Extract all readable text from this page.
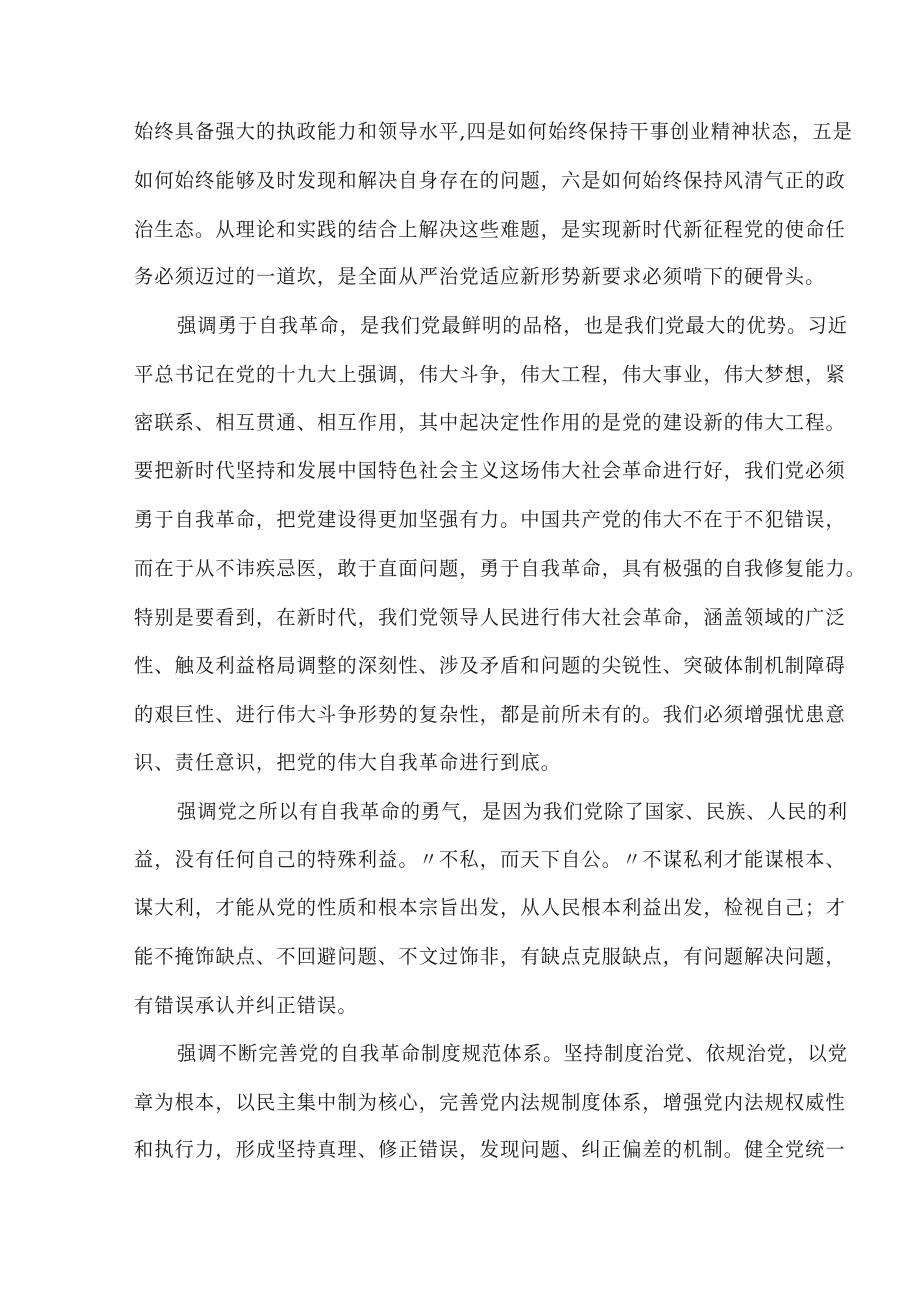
始终具备强大的执政能力和领导水平,四是如何始终保持干事创业精神状态，五是
如何始终能够及时发现和解决自身存在的问题，六是如何始终保持风清气正的政
治生态。从理论和实践的结合上解决这些难题，是实现新时代新征程党的使命任
务必须迈过的一道坎，是全面从严治党适应新形势新要求必须啃下的硬骨头。
强调勇于自我革命，是我们党最鲜明的品格，也是我们党最大的优势。习近
平总书记在党的十九大上强调，伟大斗争，伟大工程，伟大事业，伟大梦想，紧
密联系、相互贯通、相互作用，其中起决定性作用的是党的建设新的伟大工程。
要把新时代坚持和发展中国特色社会主义这场伟大社会革命进行好，我们党必须
勇于自我革命，把党建设得更加坚强有力。中国共产党的伟大不在于不犯错误，
而在于从不讳疾忌医，敢于直面问题，勇于自我革命，具有极强的自我修复能力。
特别是要看到，在新时代，我们党领导人民进行伟大社会革命，涵盖领域的广泛
性、触及利益格局调整的深刻性、涉及矛盾和问题的尖锐性、突破体制机制障碍
的艰巨性、进行伟大斗争形势的复杂性，都是前所未有的。我们必须增强忧患意
识、责任意识，把党的伟大自我革命进行到底。
强调党之所以有自我革命的勇气，是因为我们党除了国家、民族、人民的利
益，没有任何自己的特殊利益。〃不私，而天下自公。〃不谋私利才能谋根本、
谋大利，才能从党的性质和根本宗旨出发，从人民根本利益出发，检视自己；才
能不掩饰缺点、不回避问题、不文过饰非，有缺点克服缺点，有问题解决问题，
有错误承认并纠正错误。
强调不断完善党的自我革命制度规范体系。坚持制度治党、依规治党，以党
章为根本，以民主集中制为核心，完善党内法规制度体系，增强党内法规权威性
和执行力，形成坚持真理、修正错误，发现问题、纠正偏差的机制。健全党统一
